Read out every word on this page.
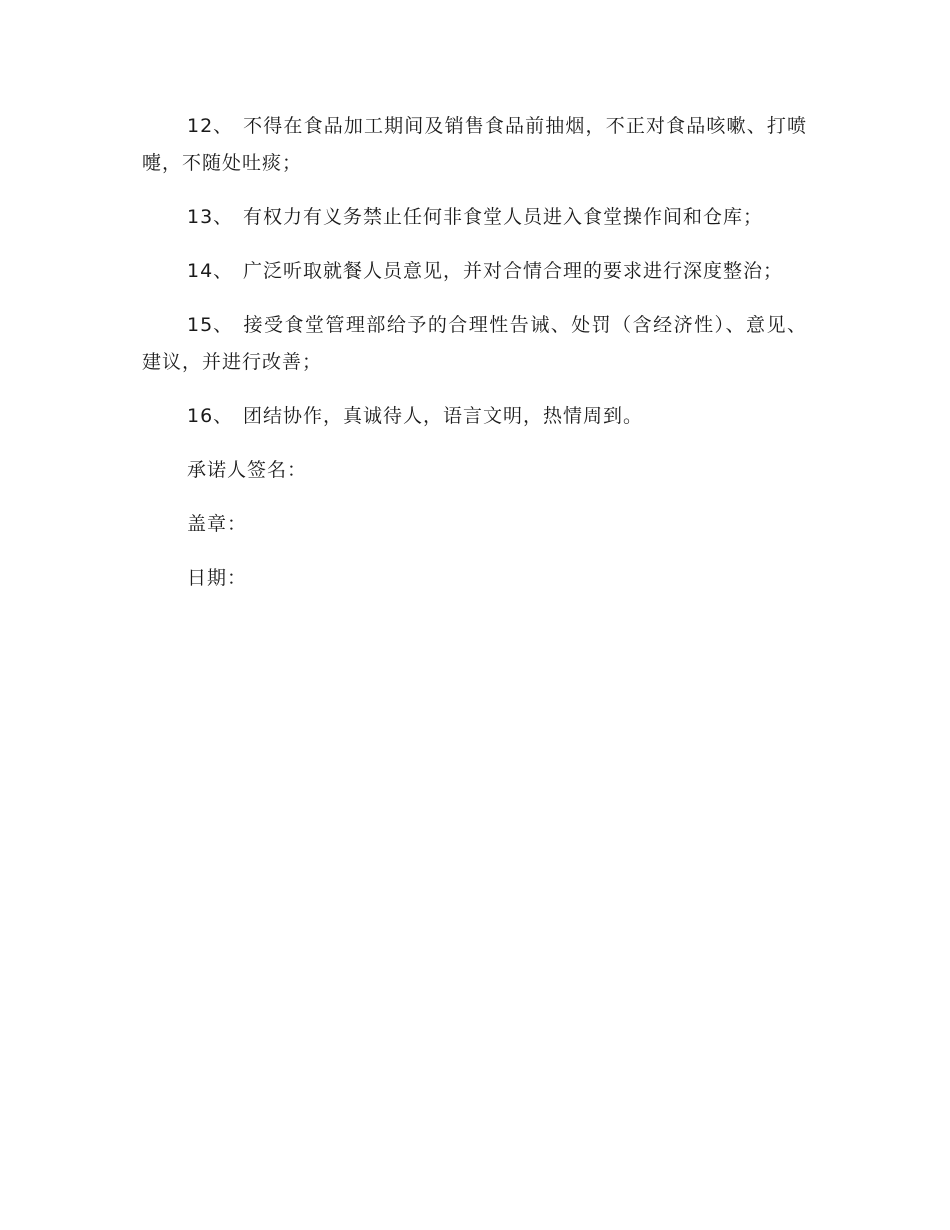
12、 不得在食品加工期间及销售食品前抽烟，不正对食品咳嗽、打喷嚏，不随处吐痰；

13、 有权力有义务禁止任何非食堂人员进入食堂操作间和仓库；

14、 广泛听取就餐人员意见，并对合情合理的要求进行深度整治；

15、 接受食堂管理部给予的合理性告诫、处罚（含经济性）、意见、建议，并进行改善；

16、 团结协作，真诚待人，语言文明，热情周到。

承诺人签名：
盖章：
日期：
